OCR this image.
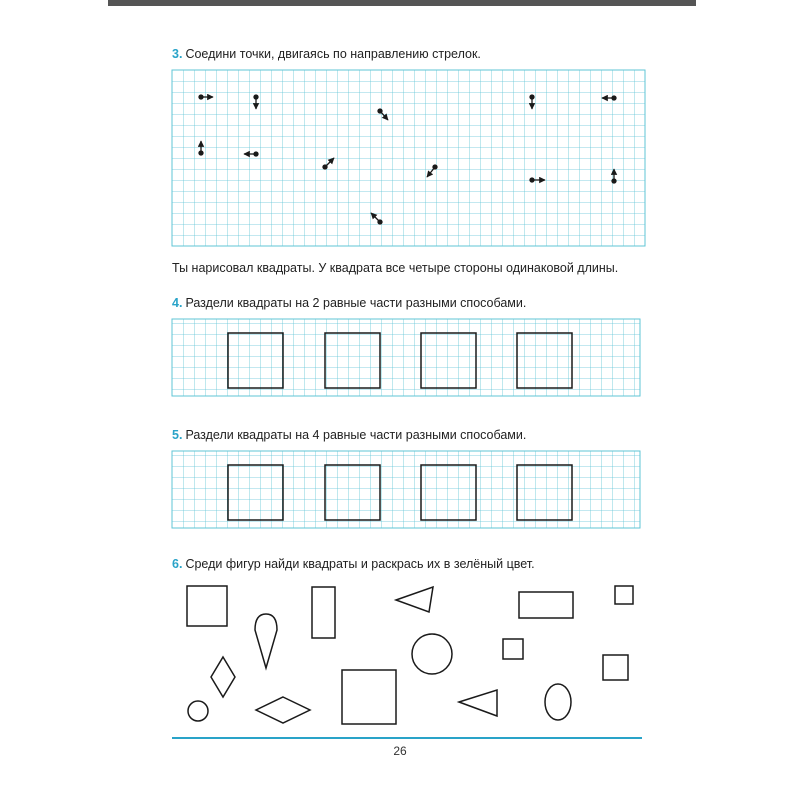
3. Соедини точки, двигаясь по направлению стрелок.
Ты нарисовал квадраты. У квадрата все четыре стороны одинаковой длины.
4. Раздели квадраты на 2 равные части разными способами.
5. Раздели квадраты на 4 равные части разными способами.
6. Среди фигур найди квадраты и раскрась их в зелёный цвет.
26
